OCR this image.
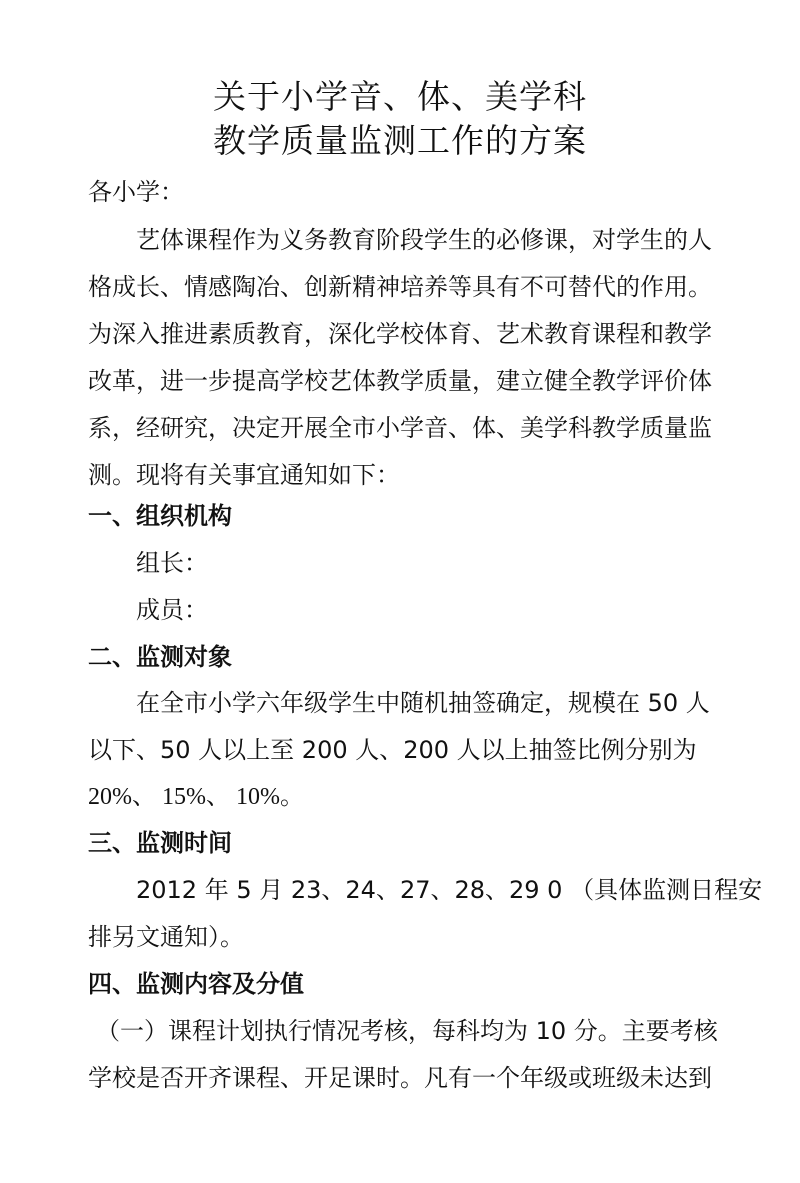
关于小学音、体、美学科
教学质量监测工作的方案
各小学：
艺体课程作为义务教育阶段学生的必修课，对学生的人
格成长、情感陶冶、创新精神培养等具有不可替代的作用。
为深入推进素质教育，深化学校体育、艺术教育课程和教学
改革，进一步提高学校艺体教学质量，建立健全教学评价体
系，经研究，决定开展全市小学音、体、美学科教学质量监
测。现将有关事宜通知如下：
一、组织机构
组长：
成员：
二、监测对象
在全市小学六年级学生中随机抽签确定，规模在 50 人
以下、50 人以上至 200 人、200 人以上抽签比例分别为
20%、 15%、 10%。
三、监测时间
2012 年 5 月 23、24、27、28、29 0 （具体监测日程安
排另文通知）。
四、监测内容及分值
（一）课程计划执行情况考核，每科均为 10 分。主要考核
学校是否开齐课程、开足课时。凡有一个年级或班级未达到
